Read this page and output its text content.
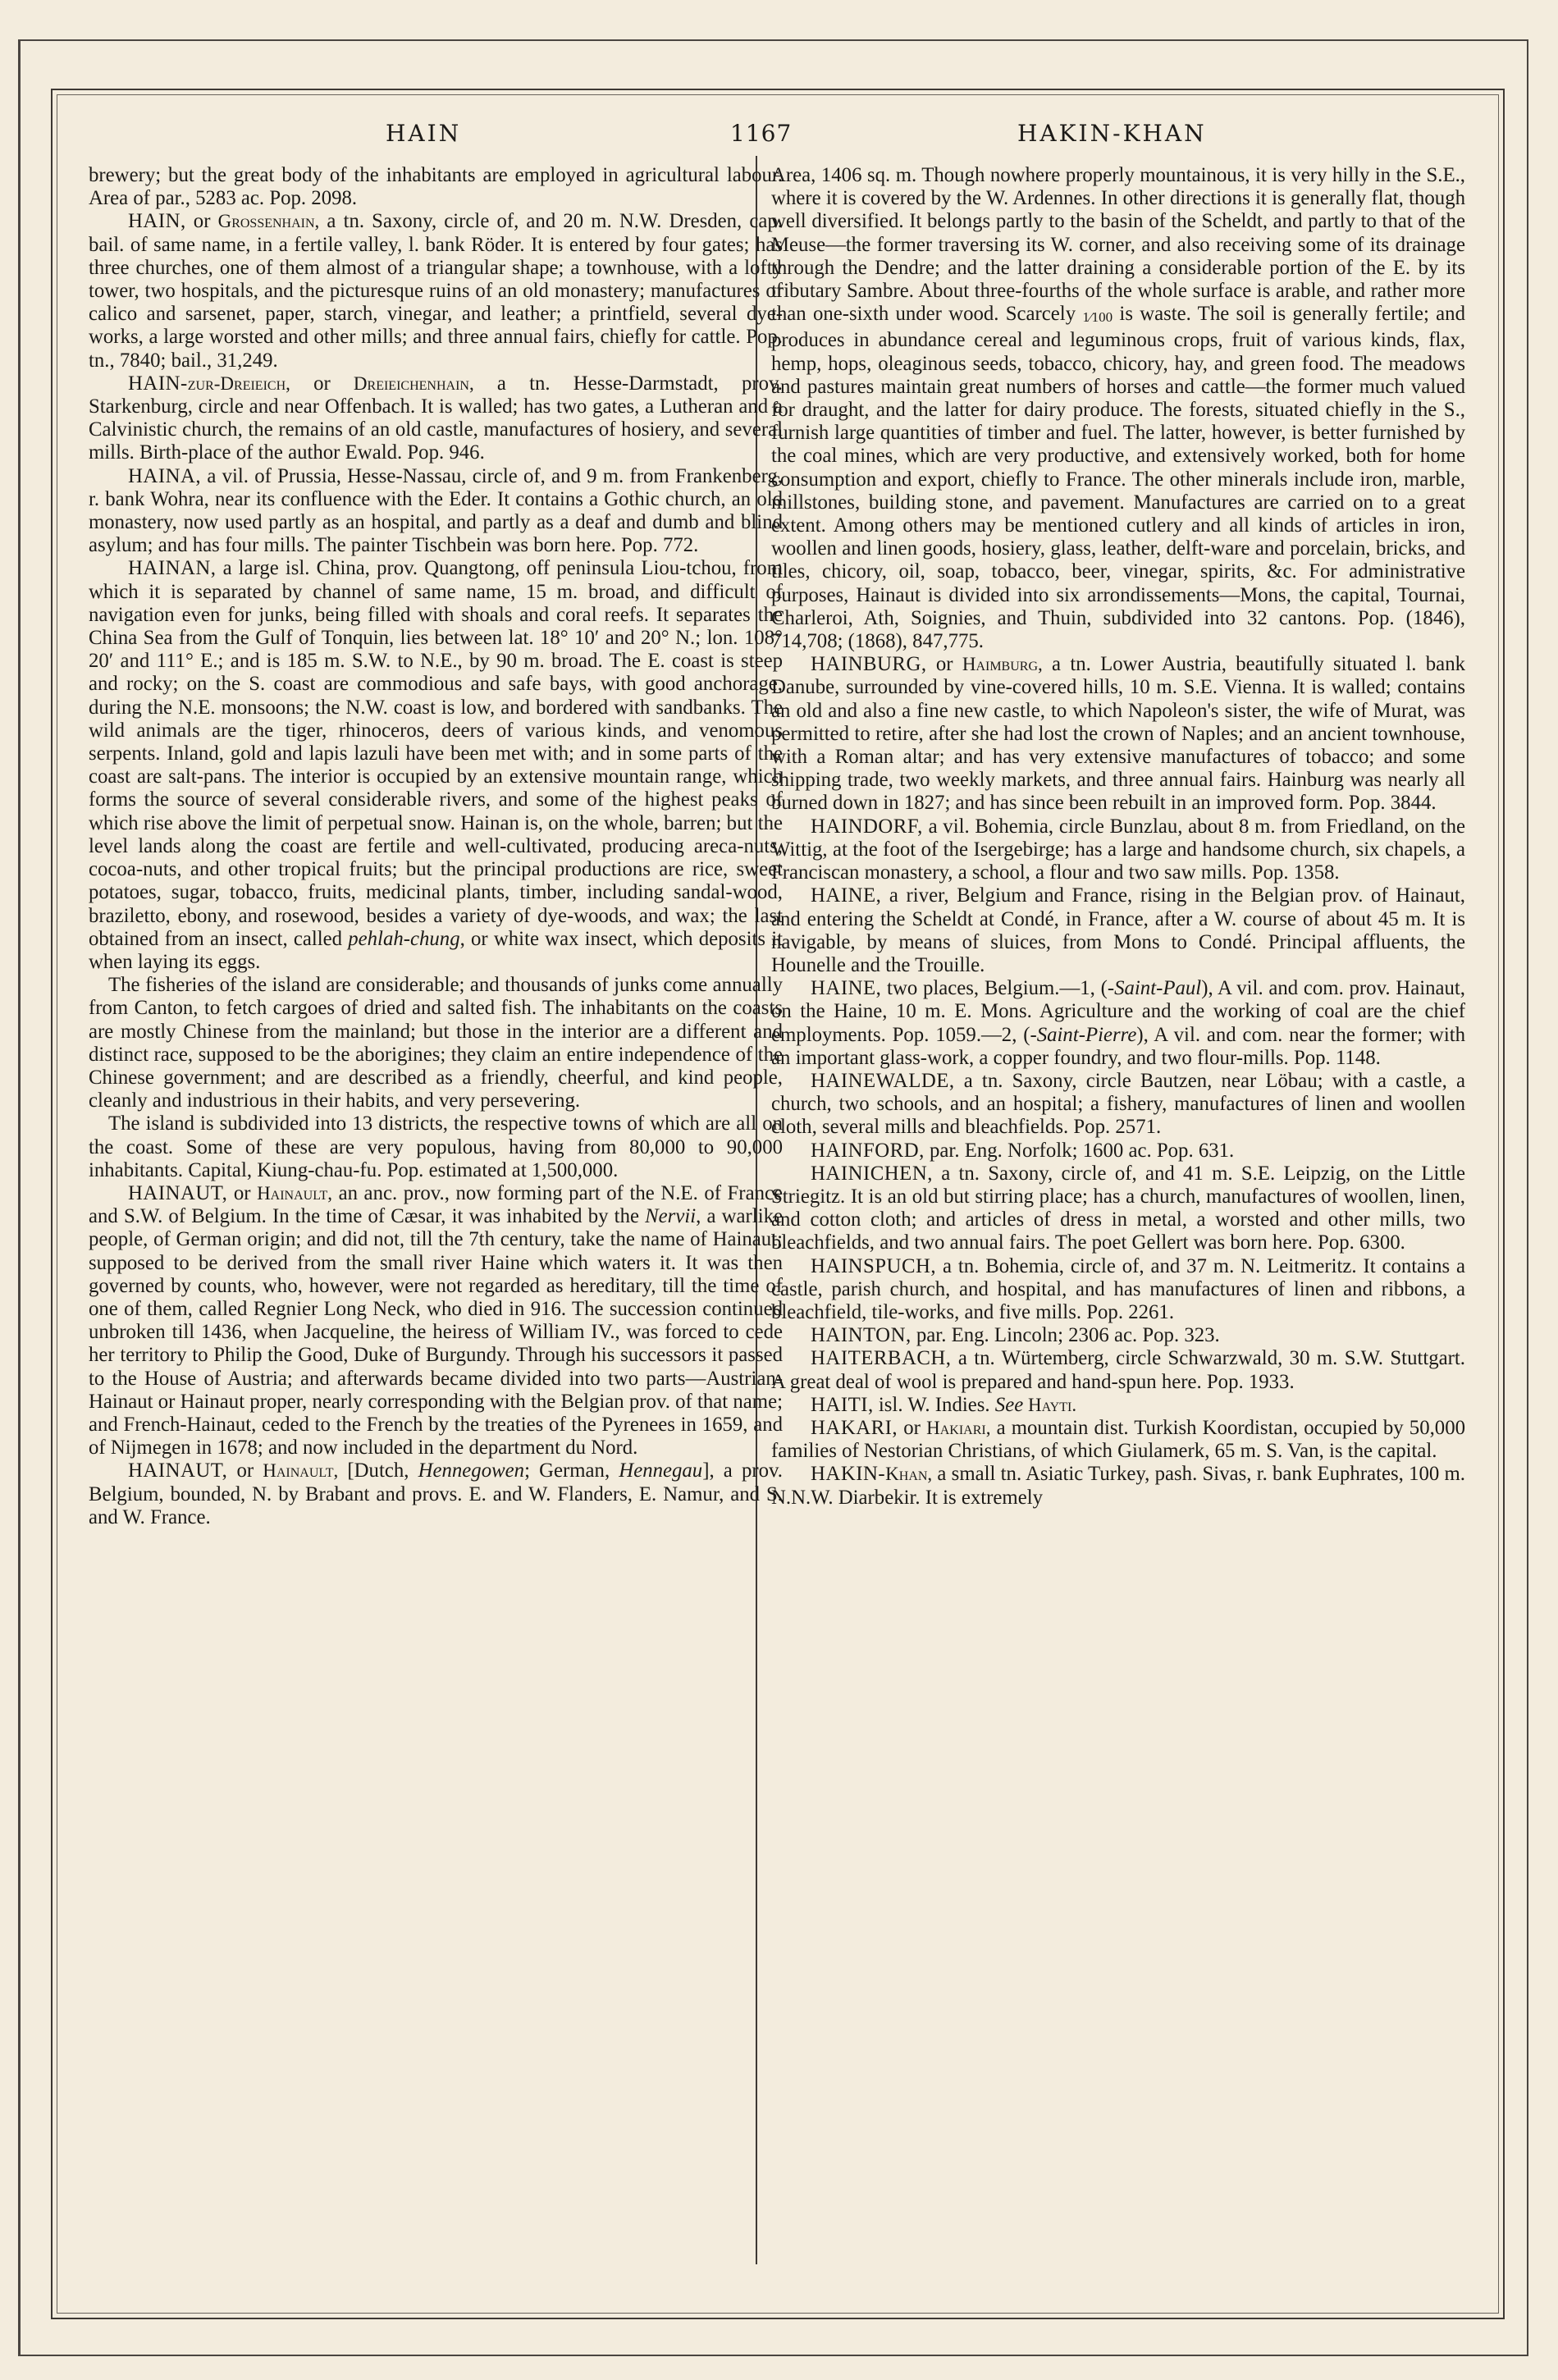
HAIN	1167	HAKIN-KHAN

brewery; but the great body of the inhabitants are employed in agricultural labour. Area of par., 5283 ac. Pop. 2098.

HAIN, or Grossenhain, a tn. Saxony, circle of, and 20 m. N.W. Dresden, cap. bail. of same name, in a fertile valley, l. bank Röder. It is entered by four gates; has three churches, one of them almost of a triangular shape; a townhouse, with a lofty tower, two hospitals, and the picturesque ruins of an old monastery; manufactures of calico and sarsenet, paper, starch, vinegar, and leather; a printfield, several dye-works, a large worsted and other mills; and three annual fairs, chiefly for cattle. Pop. tn., 7840; bail., 31,249.

HAIN-zur-Dreieich, or Dreieichenhain, a tn. Hesse-Darmstadt, prov. Starkenburg, circle and near Offenbach. It is walled; has two gates, a Lutheran and a Calvinistic church, the remains of an old castle, manufactures of hosiery, and several mills. Birth-place of the author Ewald. Pop. 946.

HAINA, a vil. of Prussia, Hesse-Nassau, circle of, and 9 m. from Frankenberg, r. bank Wohra, near its confluence with the Eder. It contains a Gothic church, an old monastery, now used partly as an hospital, and partly as a deaf and dumb and blind asylum; and has four mills. The painter Tischbein was born here. Pop. 772.

HAINAN, a large isl. China, prov. Quangtong, off peninsula Liou-tchou, from which it is separated by channel of same name, 15 m. broad, and difficult of navigation even for junks, being filled with shoals and coral reefs. It separates the China Sea from the Gulf of Tonquin, lies between lat. 18° 10′ and 20° N.; lon. 108° 20′ and 111° E.; and is 185 m. S.W. to N.E., by 90 m. broad. The E. coast is steep and rocky; on the S. coast are commodious and safe bays, with good anchorage, during the N.E. monsoons; the N.W. coast is low, and bordered with sandbanks. The wild animals are the tiger, rhinoceros, deers of various kinds, and venomous serpents. Inland, gold and lapis lazuli have been met with; and in some parts of the coast are salt-pans. The interior is occupied by an extensive mountain range, which forms the source of several considerable rivers, and some of the highest peaks of which rise above the limit of perpetual snow. Hainan is, on the whole, barren; but the level lands along the coast are fertile and well-cultivated, producing areca-nuts, cocoa-nuts, and other tropical fruits; but the principal productions are rice, sweet potatoes, sugar, tobacco, fruits, medicinal plants, timber, including sandal-wood, braziletto, ebony, and rosewood, besides a variety of dye-woods, and wax; the last obtained from an insect, called pehlah-chung, or white wax insect, which deposits it when laying its eggs.

The fisheries of the island are considerable; and thousands of junks come annually from Canton, to fetch cargoes of dried and salted fish. The inhabitants on the coasts are mostly Chinese from the mainland; but those in the interior are a different and distinct race, supposed to be the aborigines; they claim an entire independence of the Chinese government; and are described as a friendly, cheerful, and kind people, cleanly and industrious in their habits, and very persevering.

The island is subdivided into 13 districts, the respective towns of which are all on the coast. Some of these are very populous, having from 80,000 to 90,000 inhabitants. Capital, Kiung-chau-fu. Pop. estimated at 1,500,000.

HAINAUT, or Hainault, an anc. prov., now forming part of the N.E. of France and S.W. of Belgium. In the time of Cæsar, it was inhabited by the Nervii, a warlike people, of German origin; and did not, till the 7th century, take the name of Hainaut; supposed to be derived from the small river Haine which waters it. It was then governed by counts, who, however, were not regarded as hereditary, till the time of one of them, called Regnier Long Neck, who died in 916. The succession continued unbroken till 1436, when Jacqueline, the heiress of William IV., was forced to cede her territory to Philip the Good, Duke of Burgundy. Through his successors it passed to the House of Austria; and afterwards became divided into two parts—Austrian-Hainaut or Hainaut proper, nearly corresponding with the Belgian prov. of that name; and French-Hainaut, ceded to the French by the treaties of the Pyrenees in 1659, and of Nijmegen in 1678; and now included in the department du Nord.

HAINAUT, or Hainault, [Dutch, Hennegowen; German, Hennegau], a prov. Belgium, bounded, N. by Brabant and provs. E. and W. Flanders, E. Namur, and S. and W. France.

Area, 1406 sq. m. Though nowhere properly mountainous, it is very hilly in the S.E., where it is covered by the W. Ardennes. In other directions it is generally flat, though well diversified. It belongs partly to the basin of the Scheldt, and partly to that of the Meuse—the former traversing its W. corner, and also receiving some of its drainage through the Dendre; and the latter draining a considerable portion of the E. by its tributary Sambre. About three-fourths of the whole surface is arable, and rather more than one-sixth under wood. Scarcely 1⁄100 is waste. The soil is generally fertile; and produces in abundance cereal and leguminous crops, fruit of various kinds, flax, hemp, hops, oleaginous seeds, tobacco, chicory, hay, and green food. The meadows and pastures maintain great numbers of horses and cattle—the former much valued for draught, and the latter for dairy produce. The forests, situated chiefly in the S., furnish large quantities of timber and fuel. The latter, however, is better furnished by the coal mines, which are very productive, and extensively worked, both for home consumption and export, chiefly to France. The other minerals include iron, marble, millstones, building stone, and pavement. Manufactures are carried on to a great extent. Among others may be mentioned cutlery and all kinds of articles in iron, woollen and linen goods, hosiery, glass, leather, delft-ware and porcelain, bricks, and tiles, chicory, oil, soap, tobacco, beer, vinegar, spirits, &c. For administrative purposes, Hainaut is divided into six arrondissements—Mons, the capital, Tournai, Charleroi, Ath, Soignies, and Thuin, subdivided into 32 cantons. Pop. (1846), 714,708; (1868), 847,775.

HAINBURG, or Haimburg, a tn. Lower Austria, beautifully situated l. bank Danube, surrounded by vine-covered hills, 10 m. S.E. Vienna. It is walled; contains an old and also a fine new castle, to which Napoleon's sister, the wife of Murat, was permitted to retire, after she had lost the crown of Naples; and an ancient townhouse, with a Roman altar; and has very extensive manufactures of tobacco; and some shipping trade, two weekly markets, and three annual fairs. Hainburg was nearly all burned down in 1827; and has since been rebuilt in an improved form. Pop. 3844.

HAINDORF, a vil. Bohemia, circle Bunzlau, about 8 m. from Friedland, on the Wittig, at the foot of the Isergebirge; has a large and handsome church, six chapels, a Franciscan monastery, a school, a flour and two saw mills. Pop. 1358.

HAINE, a river, Belgium and France, rising in the Belgian prov. of Hainaut, and entering the Scheldt at Condé, in France, after a W. course of about 45 m. It is navigable, by means of sluices, from Mons to Condé. Principal affluents, the Hounelle and the Trouille.

HAINE, two places, Belgium.—1, (-Saint-Paul), A vil. and com. prov. Hainaut, on the Haine, 10 m. E. Mons. Agriculture and the working of coal are the chief employments. Pop. 1059.—2, (-Saint-Pierre), A vil. and com. near the former; with an important glass-work, a copper foundry, and two flour-mills. Pop. 1148.

HAINEWALDE, a tn. Saxony, circle Bautzen, near Löbau; with a castle, a church, two schools, and an hospital; a fishery, manufactures of linen and woollen cloth, several mills and bleachfields. Pop. 2571.

HAINFORD, par. Eng. Norfolk; 1600 ac. Pop. 631.

HAINICHEN, a tn. Saxony, circle of, and 41 m. S.E. Leipzig, on the Little Striegitz. It is an old but stirring place; has a church, manufactures of woollen, linen, and cotton cloth; and articles of dress in metal, a worsted and other mills, two bleachfields, and two annual fairs. The poet Gellert was born here. Pop. 6300.

HAINSPUCH, a tn. Bohemia, circle of, and 37 m. N. Leitmeritz. It contains a castle, parish church, and hospital, and has manufactures of linen and ribbons, a bleachfield, tile-works, and five mills. Pop. 2261.

HAINTON, par. Eng. Lincoln; 2306 ac. Pop. 323.

HAITERBACH, a tn. Würtemberg, circle Schwarzwald, 30 m. S.W. Stuttgart. A great deal of wool is prepared and hand-spun here. Pop. 1933.

HAITI, isl. W. Indies. See Hayti.

HAKARI, or Hakiari, a mountain dist. Turkish Koordistan, occupied by 50,000 families of Nestorian Christians, of which Giulamerk, 65 m. S. Van, is the capital.

HAKIN-Khan, a small tn. Asiatic Turkey, pash. Sivas, r. bank Euphrates, 100 m. N.N.W. Diarbekir. It is extremely
